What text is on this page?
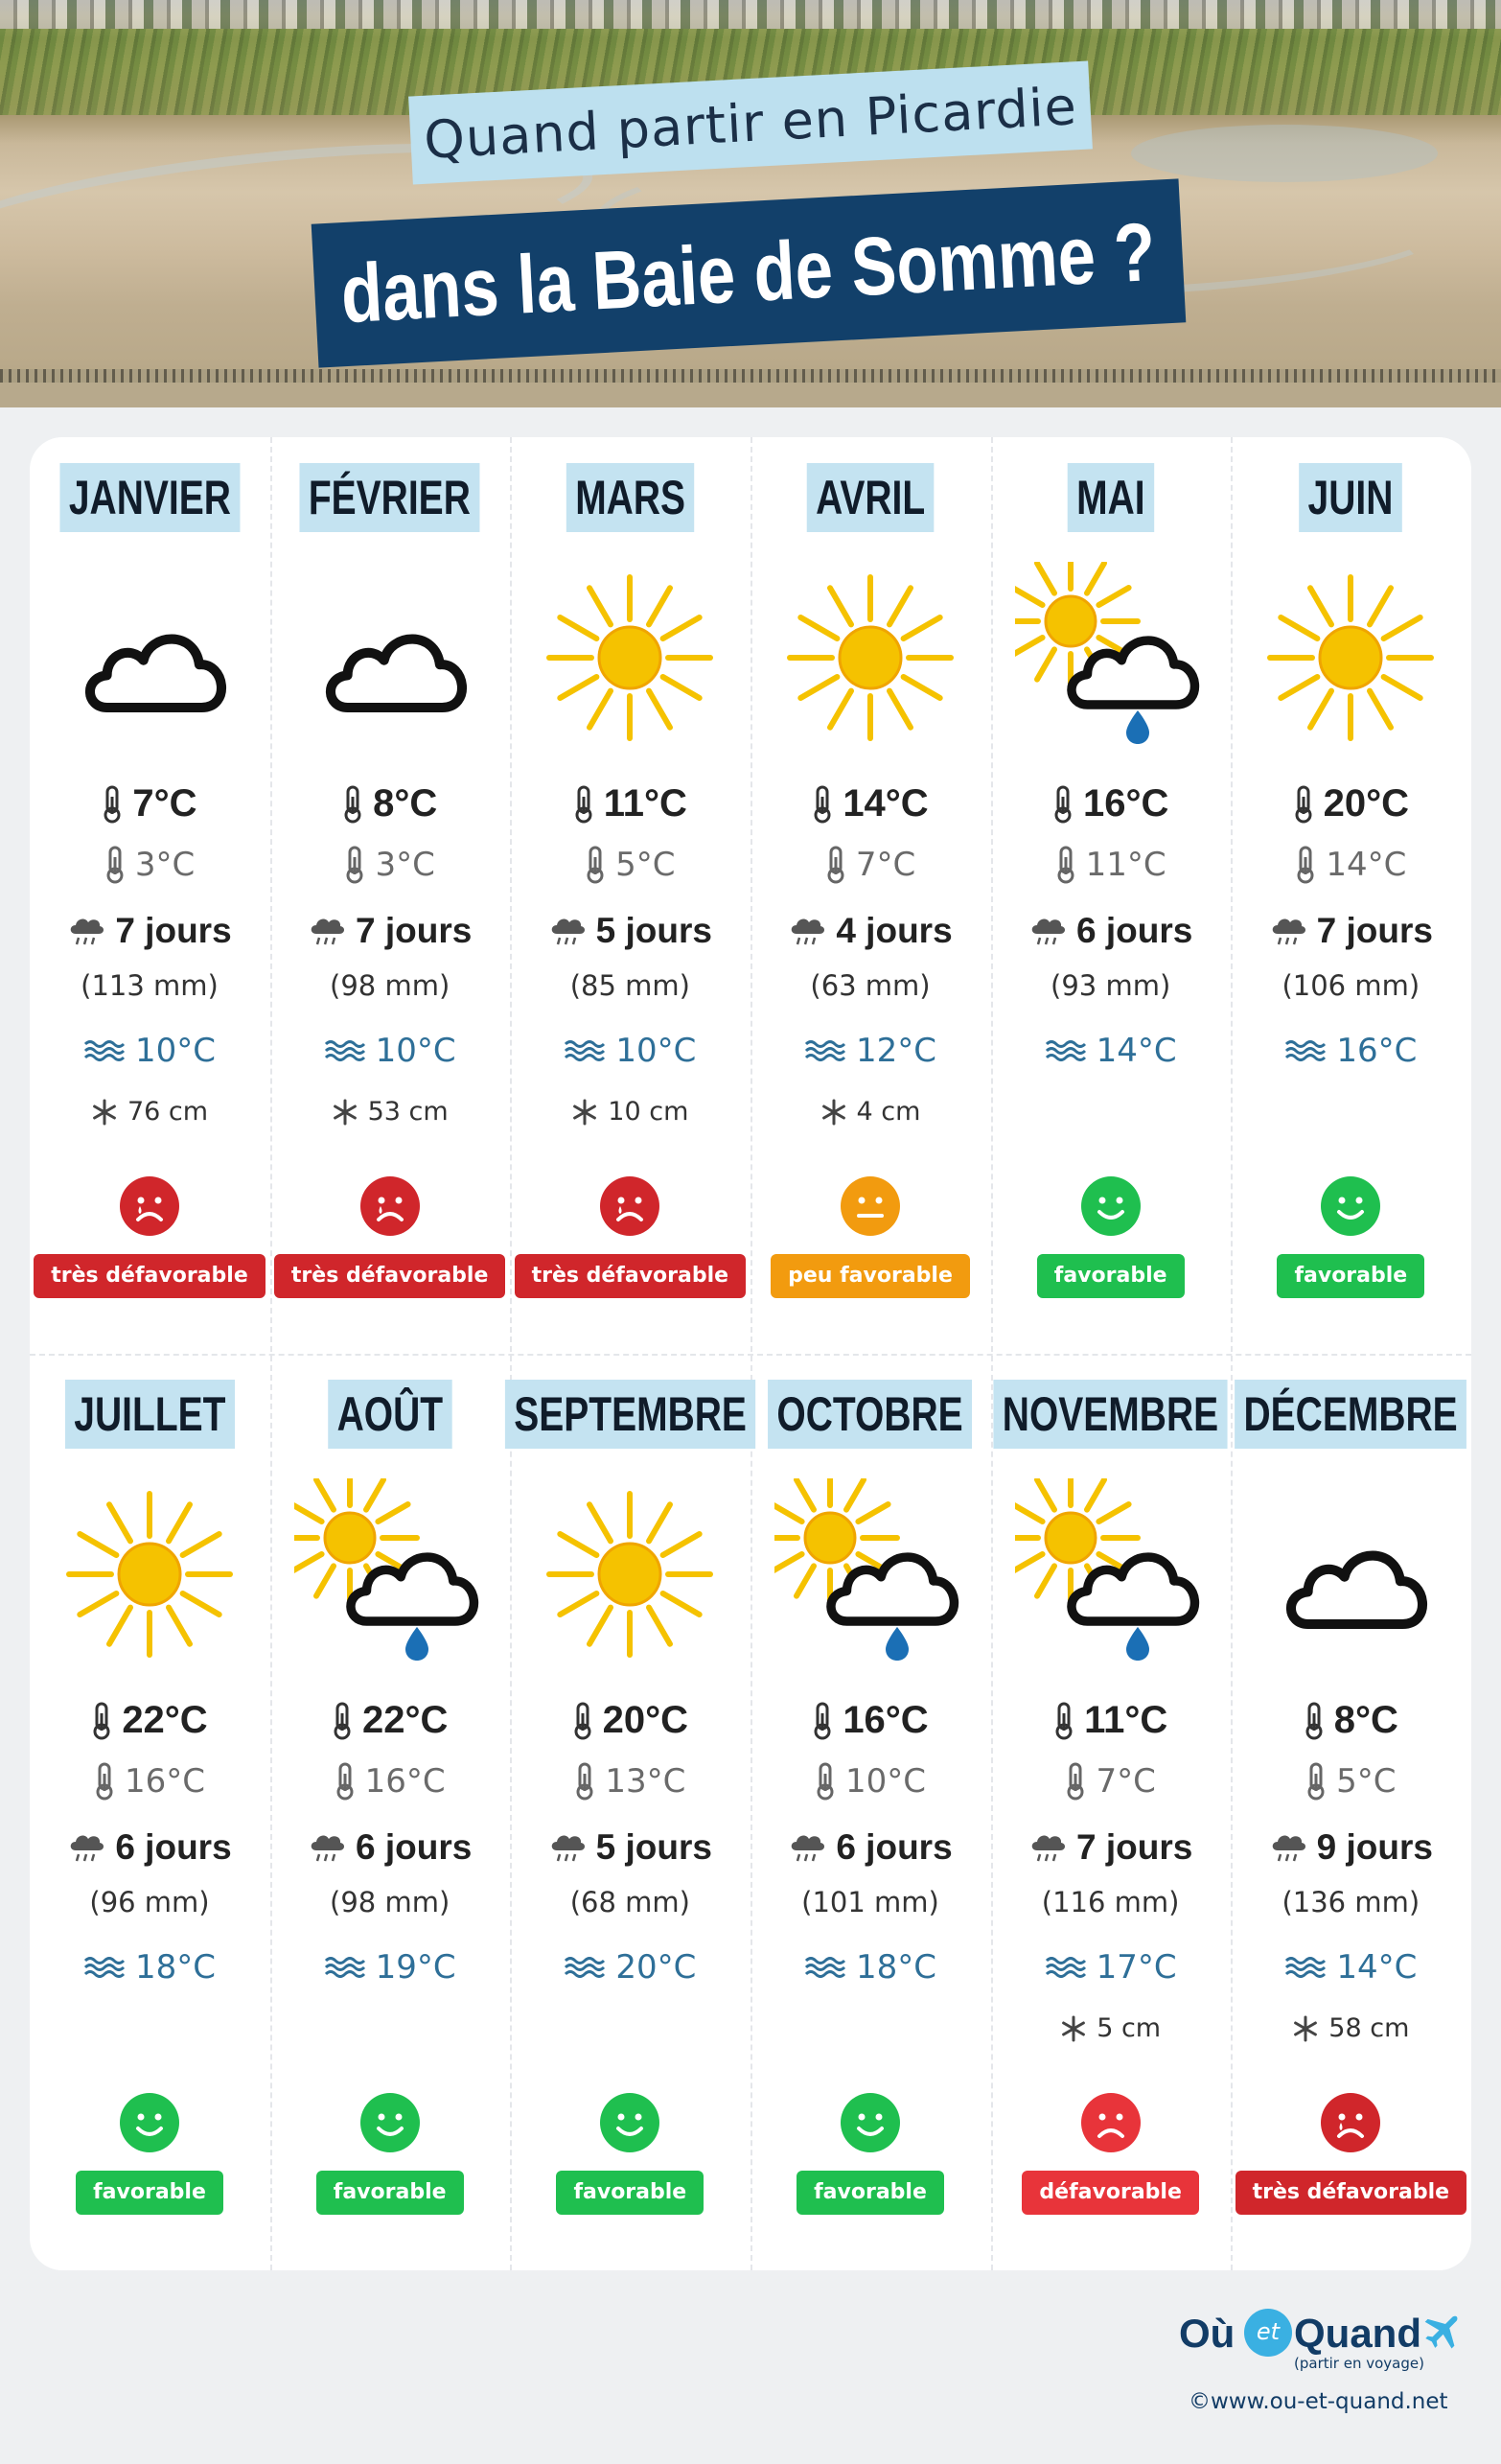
Quand partir en Picardie
dans la Baie de Somme ?
JANVIER
7°C
3°C
7 jours
(113 mm)
10°C
76 cm
très défavorable
FÉVRIER
8°C
3°C
7 jours
(98 mm)
10°C
53 cm
très défavorable
MARS
11°C
5°C
5 jours
(85 mm)
10°C
10 cm
très défavorable
AVRIL
14°C
7°C
4 jours
(63 mm)
12°C
4 cm
peu favorable
MAI
16°C
11°C
6 jours
(93 mm)
14°C
favorable
JUIN
20°C
14°C
7 jours
(106 mm)
16°C
favorable
JUILLET
22°C
16°C
6 jours
(96 mm)
18°C
favorable
AOÛT
22°C
16°C
6 jours
(98 mm)
19°C
favorable
SEPTEMBRE
20°C
13°C
5 jours
(68 mm)
20°C
favorable
OCTOBRE
16°C
10°C
6 jours
(101 mm)
18°C
favorable
NOVEMBRE
11°C
7°C
7 jours
(116 mm)
17°C
5 cm
défavorable
DÉCEMBRE
8°C
5°C
9 jours
(136 mm)
14°C
58 cm
très défavorable
Où et Quand
(partir en voyage)
©www.ou-et-quand.net
